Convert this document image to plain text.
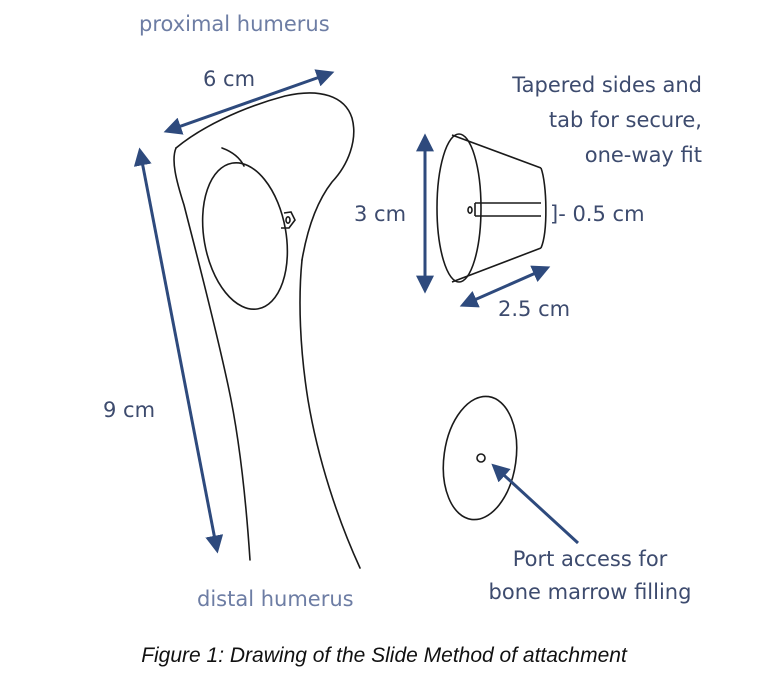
proximal humerus
6 cm
9 cm
3 cm	]- 0.5 cm
2.5 cm
Tapered sides and
tab for secure,
one-way fit
Port access for
bone marrow filling
distal humerus
Figure 1: Drawing of the Slide Method of attachment
